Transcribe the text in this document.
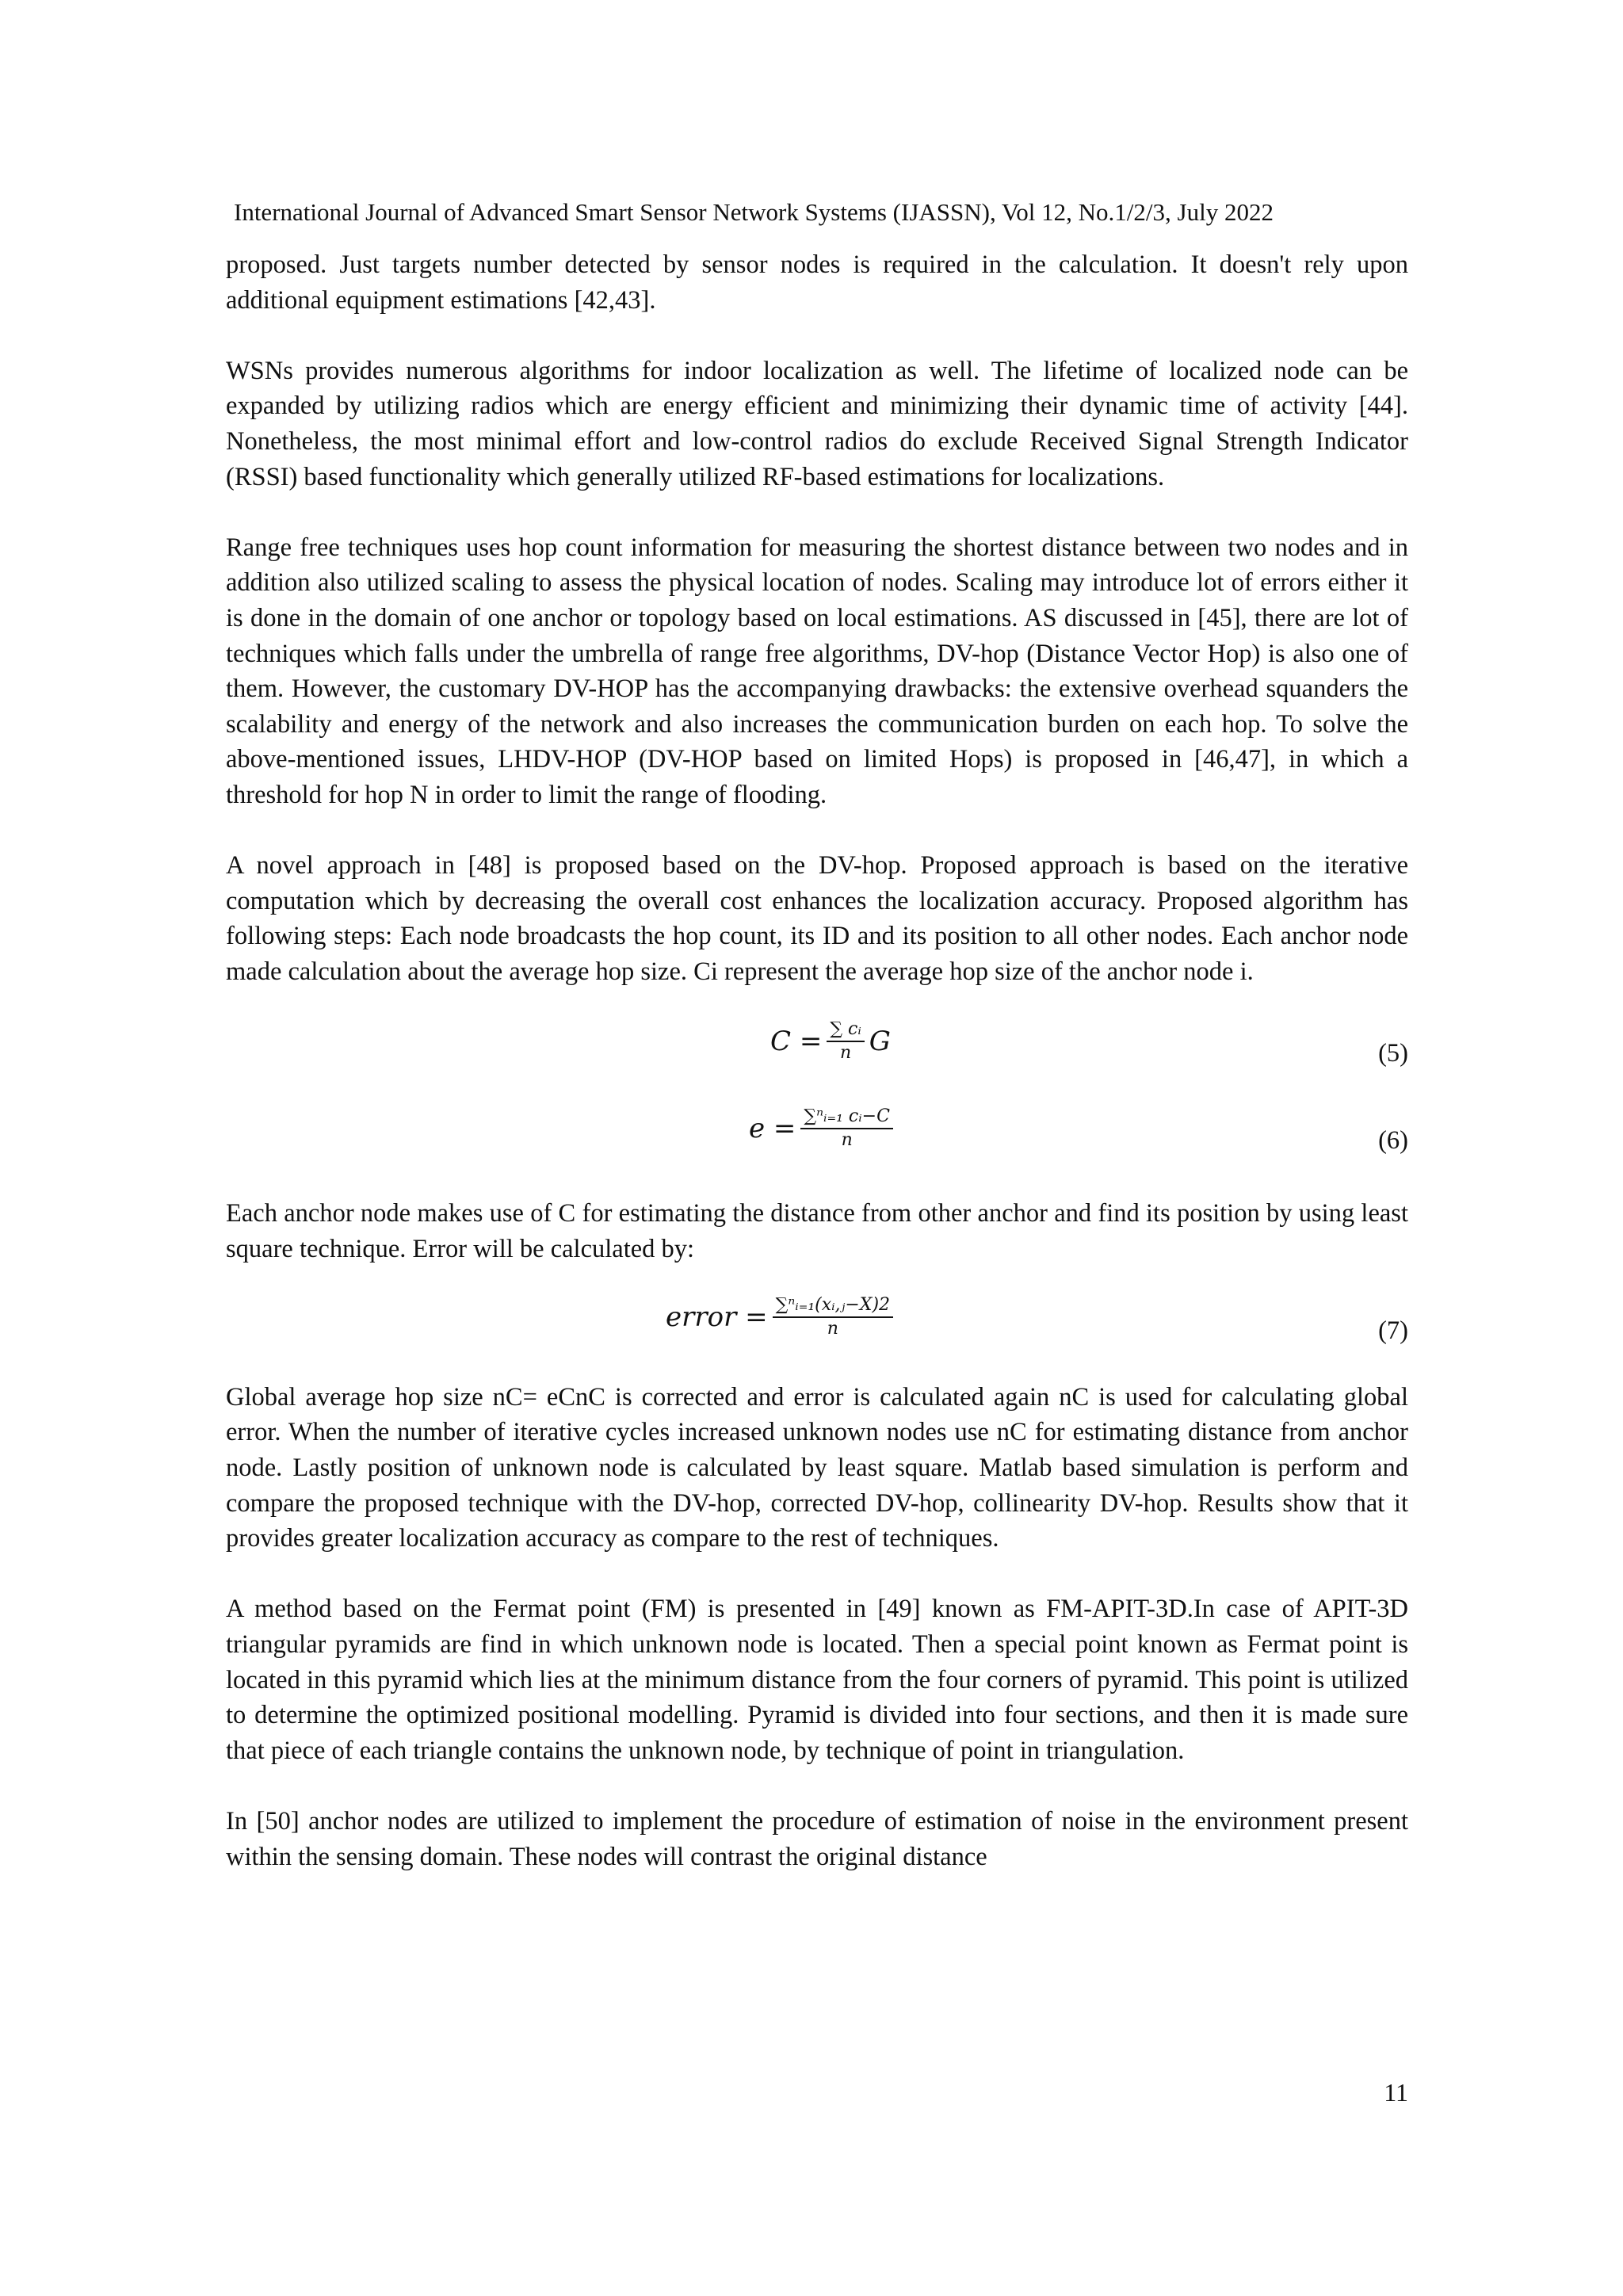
International Journal of Advanced Smart Sensor Network Systems (IJASSN), Vol 12, No.1/2/3, July 2022

proposed. Just targets number detected by sensor nodes is required in the calculation. It doesn't rely upon additional equipment estimations [42,43].

WSNs provides numerous algorithms for indoor localization as well. The lifetime of localized node can be expanded by utilizing radios which are energy efficient and minimizing their dynamic time of activity [44]. Nonetheless, the most minimal effort and low-control radios do exclude Received Signal Strength Indicator (RSSI) based functionality which generally utilized RF-based estimations for localizations.

Range free techniques uses hop count information for measuring the shortest distance between two nodes and in addition also utilized scaling to assess the physical location of nodes. Scaling may introduce lot of errors either it is done in the domain of one anchor or topology based on local estimations. AS discussed in [45], there are lot of techniques which falls under the umbrella of range free algorithms, DV-hop (Distance Vector Hop) is also one of them. However, the customary DV-HOP has the accompanying drawbacks: the extensive overhead squanders the scalability and energy of the network and also increases the communication burden on each hop. To solve the above-mentioned issues, LHDV-HOP (DV-HOP based on limited Hops) is proposed in [46,47], in which a threshold for hop N in order to limit the range of flooding.

A novel approach in [48] is proposed based on the DV-hop. Proposed approach is based on the iterative computation which by decreasing the overall cost enhances the localization accuracy. Proposed algorithm has following steps: Each node broadcasts the hop count, its ID and its position to all other nodes. Each anchor node made calculation about the average hop size. Ci represent the average hop size of the anchor node i.

$C = \frac{\text{∑ cᵢ}}{n}$ G	(5)
$e = \frac{\text{∑ⁿᵢ₌₁ cᵢ−C}}{n}$	(6)

Each anchor node makes use of C for estimating the distance from other anchor and find its position by using least square technique. Error will be calculated by:

error = $\frac{\text{∑ⁿᵢ₌₁(xᵢ,ⱼ−X)2}}{n}$	(7)

Global average hop size nC= eCnC is corrected and error is calculated again nC is used for calculating global error. When the number of iterative cycles increased unknown nodes use nC for estimating distance from anchor node. Lastly position of unknown node is calculated by least square. Matlab based simulation is perform and compare the proposed technique with the DV-hop, corrected DV-hop, collinearity DV-hop. Results show that it provides greater localization accuracy as compare to the rest of techniques.

A method based on the Fermat point (FM) is presented in [49] known as FM-APIT-3D.In case of APIT-3D triangular pyramids are find in which unknown node is located. Then a special point known as Fermat point is located in this pyramid which lies at the minimum distance from the four corners of pyramid. This point is utilized to determine the optimized positional modelling. Pyramid is divided into four sections, and then it is made sure that piece of each triangle contains the unknown node, by technique of point in triangulation.

In [50] anchor nodes are utilized to implement the procedure of estimation of noise in the environment present within the sensing domain. These nodes will contrast the original distance

11
